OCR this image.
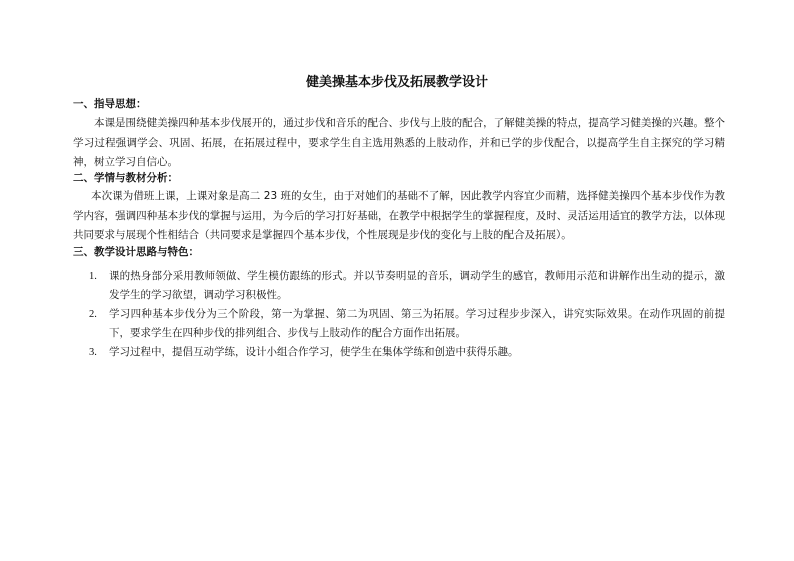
健美操基本步伐及拓展教学设计
一、指导思想：
本课是围绕健美操四种基本步伐展开的，通过步伐和音乐的配合、步伐与上肢的配合，了解健美操的特点，提高学习健美操的兴趣。整个学习过程强调学会、巩固、拓展，在拓展过程中，要求学生自主选用熟悉的上肢动作，并和已学的步伐配合，以提高学生自主探究的学习精神，树立学习自信心。
二、学情与教材分析：
本次课为借班上课，上课对象是高二 23 班的女生，由于对她们的基础不了解，因此教学内容宜少而精，选择健美操四个基本步伐作为教学内容，强调四种基本步伐的掌握与运用，为今后的学习打好基础，在教学中根据学生的掌握程度，及时、灵活运用适宜的教学方法，以体现共同要求与展现个性相结合（共同要求是掌握四个基本步伐，个性展现是步伐的变化与上肢的配合及拓展）。
三、教学设计思路与特色：
1. 课的热身部分采用教师领做、学生模仿跟练的形式。并以节奏明显的音乐，调动学生的感官，教师用示范和讲解作出生动的提示，激发学生的学习欲望，调动学习积极性。
2. 学习四种基本步伐分为三个阶段，第一为掌握、第二为巩固、第三为拓展。学习过程步步深入，讲究实际效果。在动作巩固的前提下，要求学生在四种步伐的排列组合、步伐与上肢动作的配合方面作出拓展。
3. 学习过程中，提倡互动学练，设计小组合作学习，使学生在集体学练和创造中获得乐趣。
